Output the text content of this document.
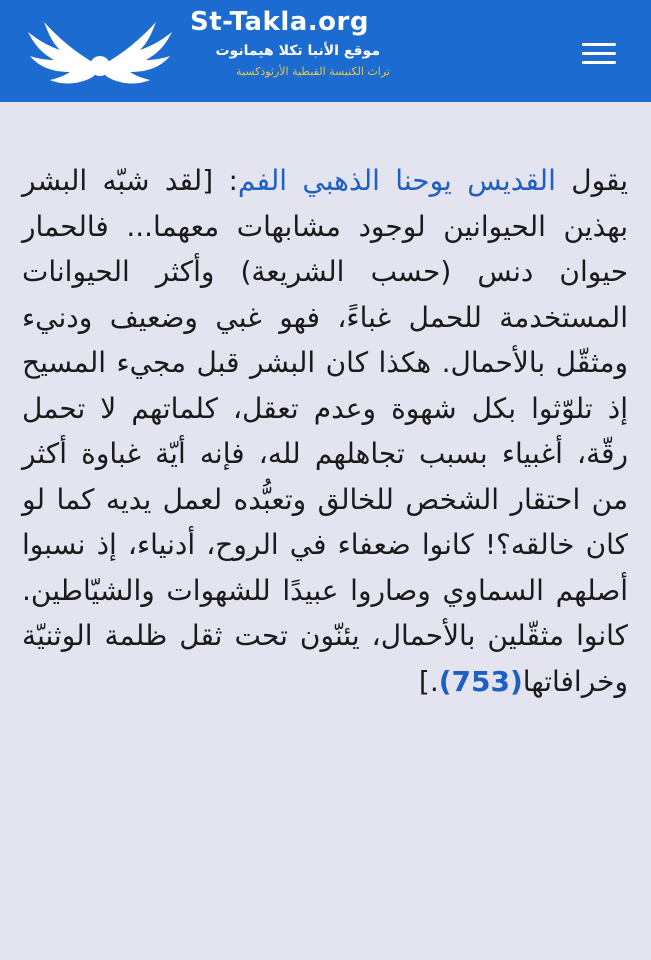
St-Takla.org
موقع الأنبا تكلا هيمانوت
تراث الكنيسة القبطية الأرثوذكسية
يقول القديس يوحنا الذهبي الفم: [لقد شبّه البشر بهذين الحيوانين لوجود مشابهات معهما... فالحمار حيوان دنس (حسب الشريعة) وأكثر الحيوانات المستخدمة للحمل غباءً، فهو غبي وضعيف ودنيء ومثقّل بالأحمال. هكذا كان البشر قبل مجيء المسيح إذ تلوّثوا بكل شهوة وعدم تعقل، كلماتهم لا تحمل رقّة، أغبياء بسبب تجاهلهم لله، فإنه أيّة غباوة أكثر من احتقار الشخص للخالق وتعبُّده لعمل يديه كما لو كان خالقه؟! كانوا ضعفاء في الروح، أدنياء، إذ نسبوا أصلهم السماوي وصاروا عبيدًا للشهوات والشيّاطين. كانوا مثقّلين بالأحمال، يئنّون تحت ثقل ظلمة الوثنيّة وخرافاتها(753).]
